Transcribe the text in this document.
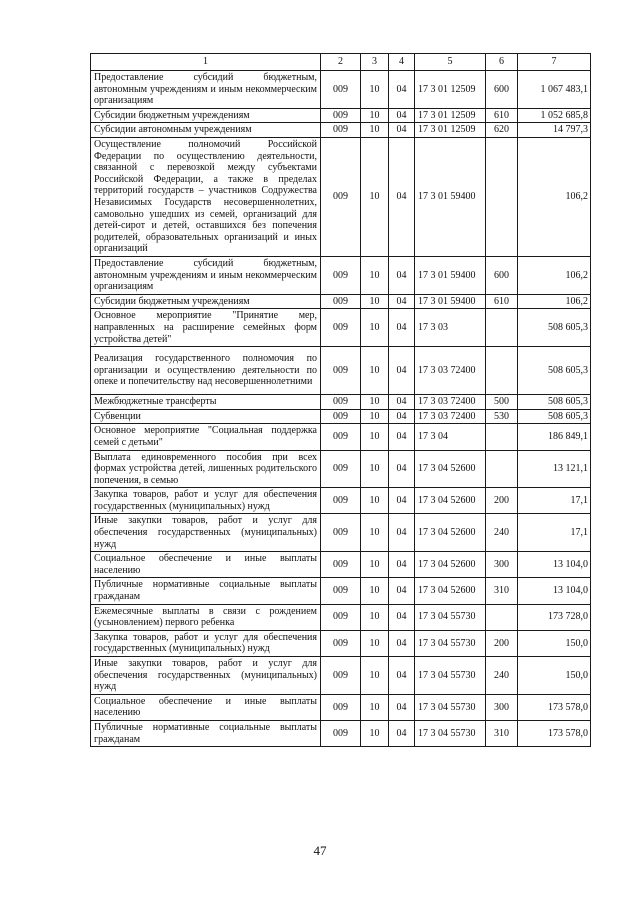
1	2	3	4	5	6	7
Предоставление субсидий бюджетным, автономным учреждениям и иным некоммерческим организациям	009	10	04	17 3 01 12509	600	1 067 483,1
Субсидии бюджетным учреждениям	009	10	04	17 3 01 12509	610	1 052 685,8
Субсидии автономным учреждениям	009	10	04	17 3 01 12509	620	14 797,3
Осуществление полномочий Российской Федерации по осуществлению деятельности, связанной с перевозкой между субъектами Российской Федерации, а также в пределах территорий государств – участников Содружества Независимых Государств несовершеннолетних, самовольно ушедших из семей, организаций для детей-сирот и детей, оставшихся без попечения родителей, образовательных организаций и иных организаций	009	10	04	17 3 01 59400		106,2
Предоставление субсидий бюджетным, автономным учреждениям и иным некоммерческим организациям	009	10	04	17 3 01 59400	600	106,2
Субсидии бюджетным учреждениям	009	10	04	17 3 01 59400	610	106,2
Основное мероприятие "Принятие мер, направленных на расширение семейных форм устройства детей"	009	10	04	17 3 03		508 605,3
Реализация государственного полномочия по организации и осуществлению деятельности по опеке и попечительству над несовершеннолетними	009	10	04	17 3 03 72400		508 605,3
Межбюджетные трансферты	009	10	04	17 3 03 72400	500	508 605,3
Субвенции	009	10	04	17 3 03 72400	530	508 605,3
Основное мероприятие "Социальная поддержка семей с детьми"	009	10	04	17 3 04		186 849,1
Выплата единовременного пособия при всех формах устройства детей, лишенных родительского попечения, в семью	009	10	04	17 3 04 52600		13 121,1
Закупка товаров, работ и услуг для обеспечения государственных (муниципальных) нужд	009	10	04	17 3 04 52600	200	17,1
Иные закупки товаров, работ и услуг для обеспечения государственных (муниципальных) нужд	009	10	04	17 3 04 52600	240	17,1
Социальное обеспечение и иные выплаты населению	009	10	04	17 3 04 52600	300	13 104,0
Публичные нормативные социальные выплаты гражданам	009	10	04	17 3 04 52600	310	13 104,0
Ежемесячные выплаты в связи с рождением (усыновлением) первого ребенка	009	10	04	17 3 04 55730		173 728,0
Закупка товаров, работ и услуг для обеспечения государственных (муниципальных) нужд	009	10	04	17 3 04 55730	200	150,0
Иные закупки товаров, работ и услуг для обеспечения государственных (муниципальных) нужд	009	10	04	17 3 04 55730	240	150,0
Социальное обеспечение и иные выплаты населению	009	10	04	17 3 04 55730	300	173 578,0
Публичные нормативные социальные выплаты гражданам	009	10	04	17 3 04 55730	310	173 578,0
47
